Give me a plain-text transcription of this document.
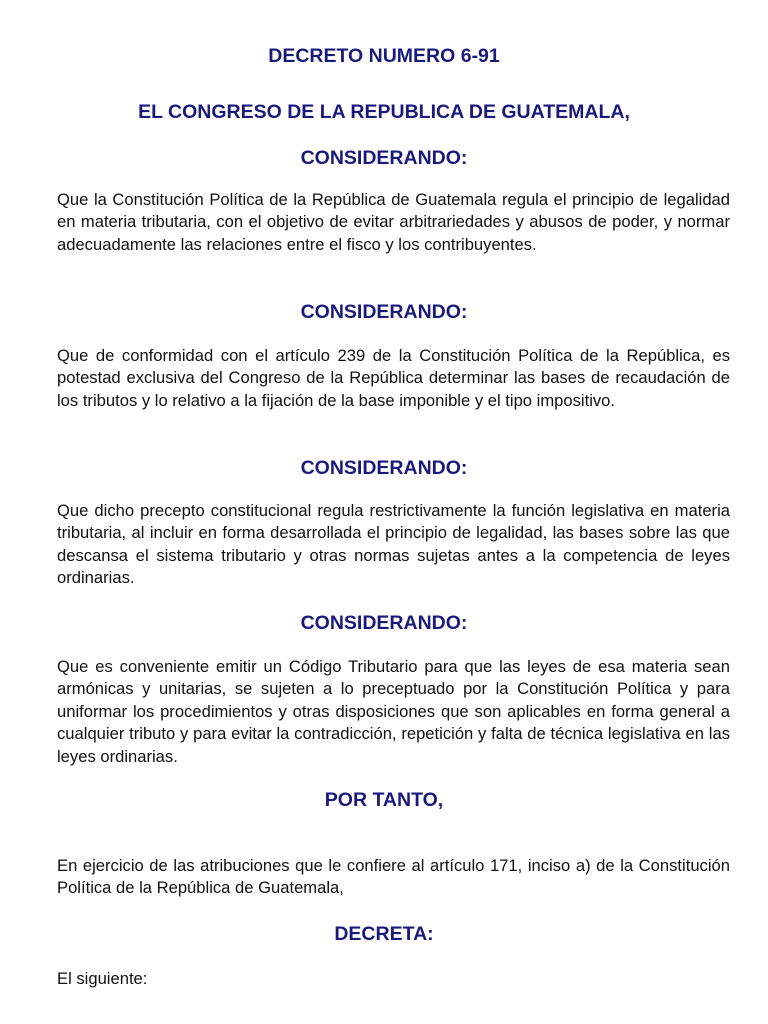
DECRETO NUMERO 6-91
EL CONGRESO DE LA REPUBLICA DE GUATEMALA,
CONSIDERANDO:

Que la Constitución Política de la República de Guatemala regula el principio de legalidad en materia tributaria, con el objetivo de evitar arbitrariedades y abusos de poder, y normar adecuadamente las relaciones entre el fisco y los contribuyentes.

CONSIDERANDO:

Que de conformidad con el artículo 239 de la Constitución Política de la República, es potestad exclusiva del Congreso de la República determinar las bases de recaudación de los tributos y lo relativo a la fijación de la base imponible y el tipo impositivo.

CONSIDERANDO:

Que dicho precepto constitucional regula restrictivamente la función legislativa en materia tributaria, al incluir en forma desarrollada el principio de legalidad, las bases sobre las que descansa el sistema tributario y otras normas sujetas antes a la competencia de leyes ordinarias.

CONSIDERANDO:

Que es conveniente emitir un Código Tributario para que las leyes de esa materia sean armónicas y unitarias, se sujeten a lo preceptuado por la Constitución Política y para uniformar los procedimientos y otras disposiciones que son aplicables en forma general a cualquier tributo y para evitar la contradicción, repetición y falta de técnica legislativa en las leyes ordinarias.

POR TANTO,

En ejercicio de las atribuciones que le confiere al artículo 171, inciso a) de la Constitución Política de la República de Guatemala,

DECRETA:

El siguiente:
